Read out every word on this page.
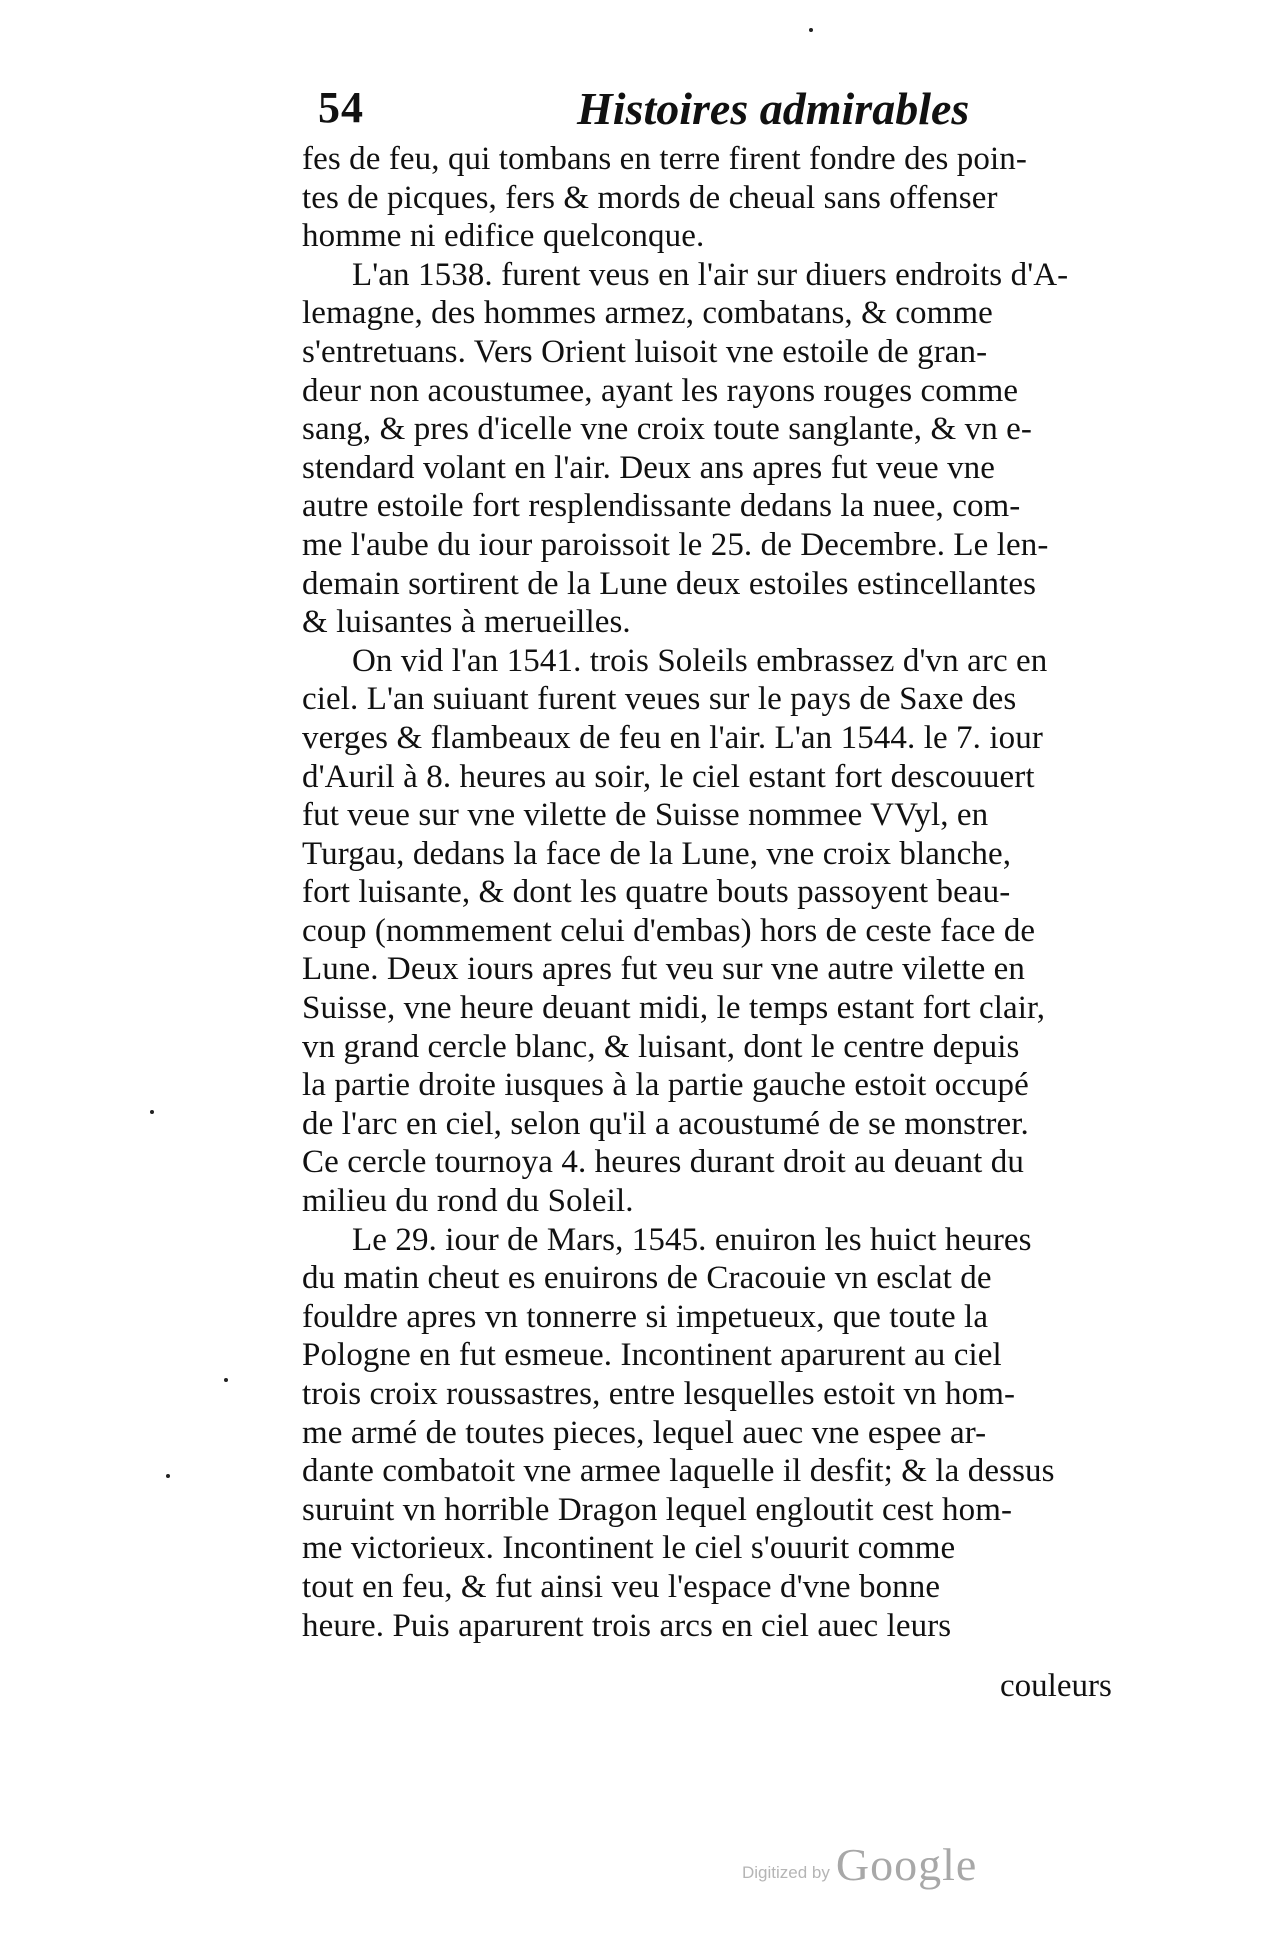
54	Histoires admirables
fes de feu, qui tombans en terre firent fondre des poin-
tes de picques, fers & mords de cheual sans offenser
homme ni edifice quelconque.
L'an 1538. furent veus en l'air sur diuers endroits d'A-
lemagne, des hommes armez, combatans, & comme
s'entretuans. Vers Orient luisoit vne estoile de gran-
deur non acoustumee, ayant les rayons rouges comme
sang, & pres d'icelle vne croix toute sanglante, & vn e-
stendard volant en l'air. Deux ans apres fut veue vne
autre estoile fort resplendissante dedans la nuee, com-
me l'aube du iour paroissoit le 25. de Decembre. Le len-
demain sortirent de la Lune deux estoiles estincellantes
& luisantes à merueilles.
On vid l'an 1541. trois Soleils embrassez d'vn arc en
ciel. L'an suiuant furent veues sur le pays de Saxe des
verges & flambeaux de feu en l'air. L'an 1544. le 7. iour
d'Auril à 8. heures au soir, le ciel estant fort descouuert
fut veue sur vne vilette de Suisse nommee VVyl, en
Turgau, dedans la face de la Lune, vne croix blanche,
fort luisante, & dont les quatre bouts passoyent beau-
coup (nommement celui d'embas) hors de ceste face de
Lune. Deux iours apres fut veu sur vne autre vilette en
Suisse, vne heure deuant midi, le temps estant fort clair,
vn grand cercle blanc, & luisant, dont le centre depuis
la partie droite iusques à la partie gauche estoit occupé
de l'arc en ciel, selon qu'il a acoustumé de se monstrer.
Ce cercle tournoya 4. heures durant droit au deuant du
milieu du rond du Soleil.
Le 29. iour de Mars, 1545. enuiron les huict heures
du matin cheut es enuirons de Cracouie vn esclat de
fouldre apres vn tonnerre si impetueux, que toute la
Pologne en fut esmeue. Incontinent aparurent au ciel
trois croix roussastres, entre lesquelles estoit vn hom-
me armé de toutes pieces, lequel auec vne espee ar-
dante combatoit vne armee laquelle il desfit; & la dessus
suruint vn horrible Dragon lequel engloutit cest hom-
me victorieux. Incontinent le ciel s'ouurit comme
tout en feu, & fut ainsi veu l'espace d'vne bonne
heure. Puis aparurent trois arcs en ciel auec leurs
couleurs
Digitized by Google
